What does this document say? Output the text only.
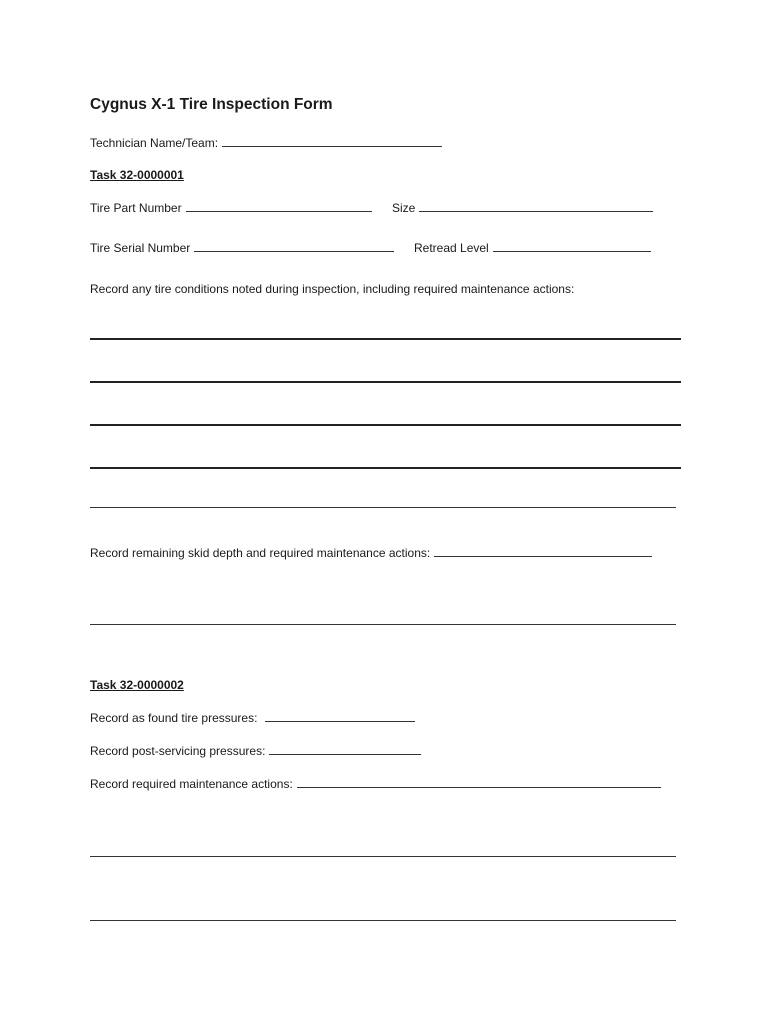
Cygnus X-1 Tire Inspection Form
Technician Name/Team:
Task 32-0000001
Tire Part Number	Size
Tire Serial Number	Retread Level
Record any tire conditions noted during inspection, including required maintenance actions:
Record remaining skid depth and required maintenance actions:
Task 32-0000002
Record as found tire pressures:
Record post-servicing pressures:
Record required maintenance actions:
